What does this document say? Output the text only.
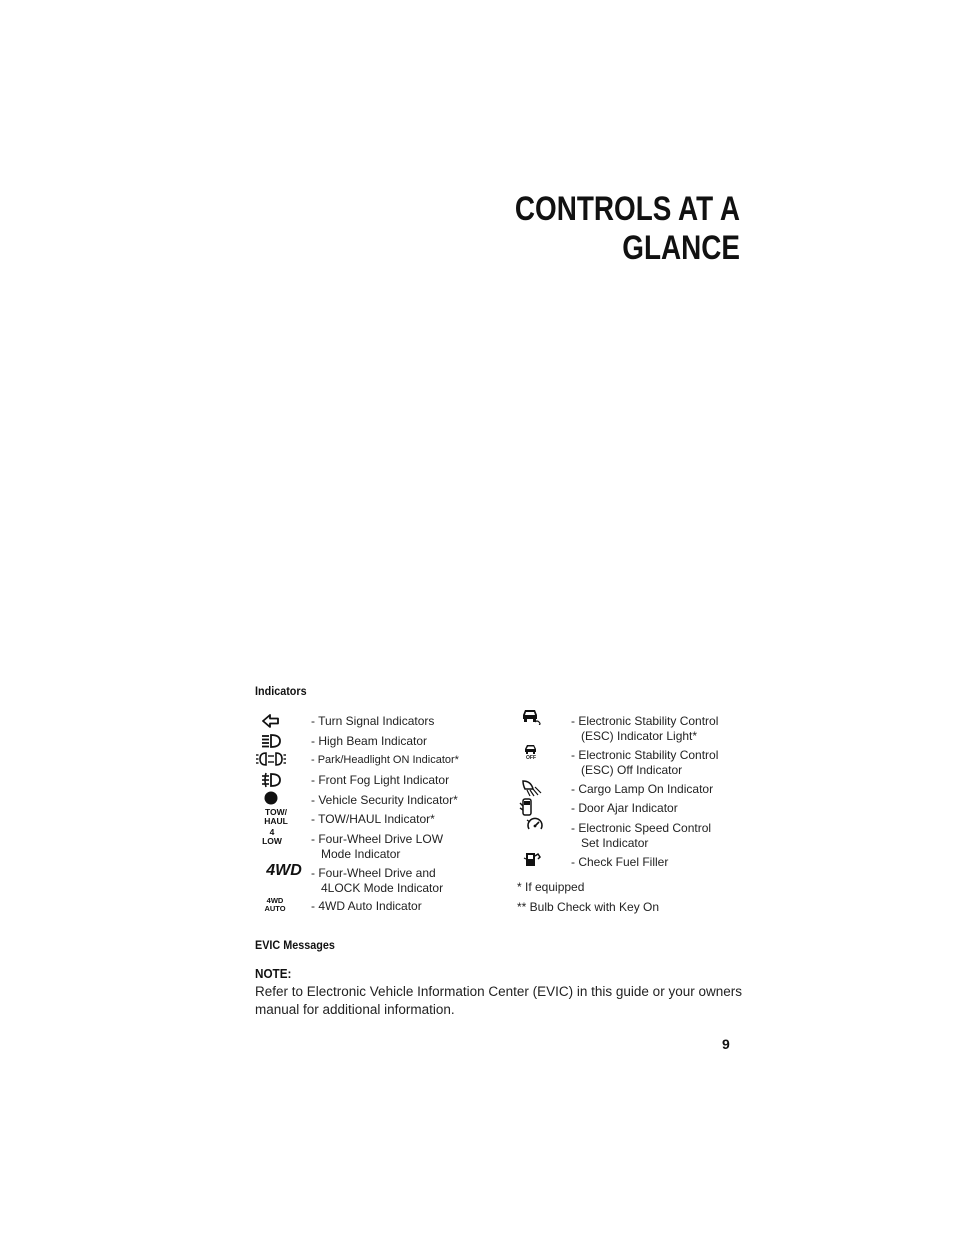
CONTROLS AT A GLANCE
Indicators
- Turn Signal Indicators
- High Beam Indicator
- Park/Headlight ON Indicator*
- Front Fog Light Indicator
- Vehicle Security Indicator*
TOW/
HAUL - TOW/HAUL Indicator*
4
LOW - Four-Wheel Drive LOW
Mode Indicator
4WD - Four-Wheel Drive and
4LOCK Mode Indicator
4WD
AUTO - 4WD Auto Indicator
- Electronic Stability Control
(ESC) Indicator Light*
OFF	- Electronic Stability Control
(ESC) Off Indicator
- Cargo Lamp On Indicator
- Door Ajar Indicator
- Electronic Speed Control
Set Indicator
- Check Fuel Filler
* If equipped
** Bulb Check with Key On
EVIC Messages
NOTE:
Refer to Electronic Vehicle Information Center (EVIC) in this guide or your owners manual for additional information.
9
